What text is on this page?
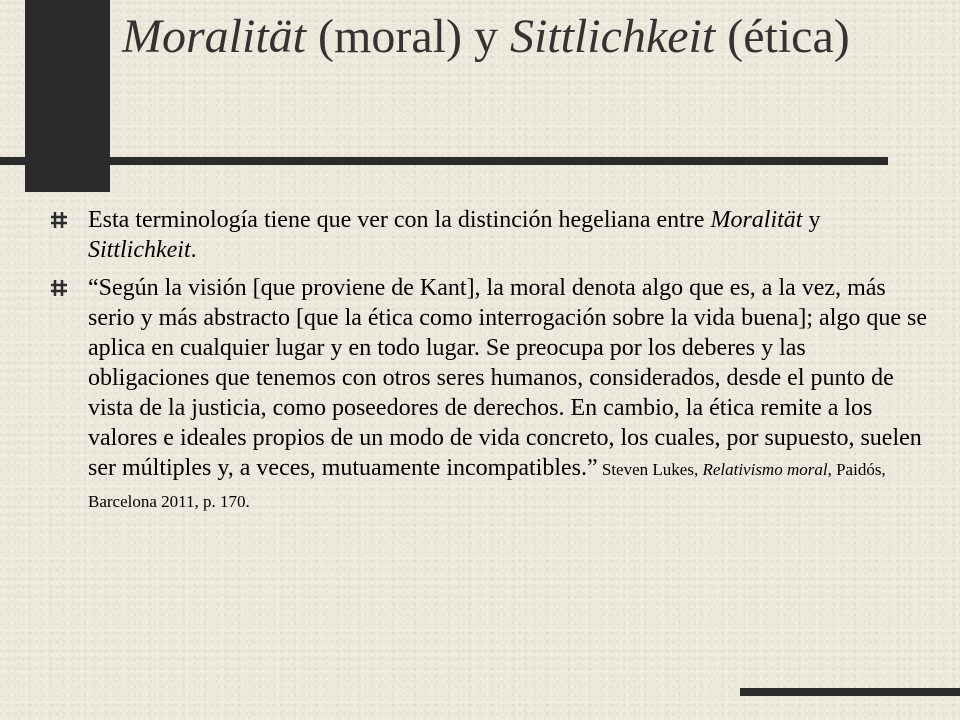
Moralität (moral) y Sittlichkeit (ética)
Esta terminología tiene que ver con la distinción hegeliana entre Moralität y Sittlichkeit.
“Según la visión [que proviene de Kant], la moral denota algo que es, a la vez, más serio y más abstracto [que la ética como interrogación sobre la vida buena]; algo que se aplica en cualquier lugar y en todo lugar. Se preocupa por los deberes y las obligaciones que tenemos con otros seres humanos, considerados, desde el punto de vista de la justicia, como poseedores de derechos. En cambio, la ética remite a los valores e ideales propios de un modo de vida concreto, los cuales, por supuesto, suelen ser múltiples y, a veces, mutuamente incompatibles.” Steven Lukes, Relativismo moral, Paidós, Barcelona 2011, p. 170.
